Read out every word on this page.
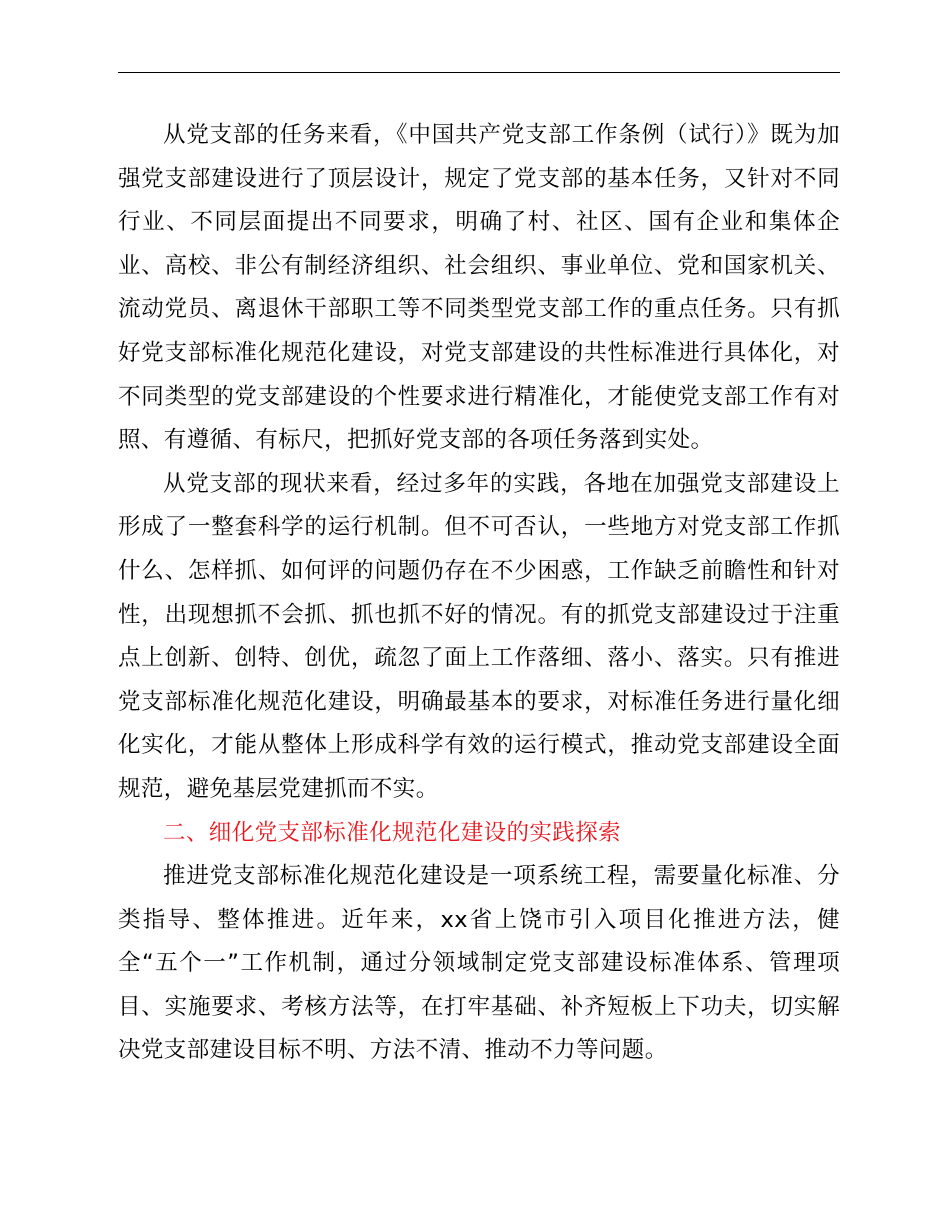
从党支部的任务来看，《中国共产党支部工作条例（试行）》既为加强党支部建设进行了顶层设计，规定了党支部的基本任务，又针对不同行业、不同层面提出不同要求，明确了村、社区、国有企业和集体企业、高校、非公有制经济组织、社会组织、事业单位、党和国家机关、流动党员、离退休干部职工等不同类型党支部工作的重点任务。只有抓好党支部标准化规范化建设，对党支部建设的共性标准进行具体化，对不同类型的党支部建设的个性要求进行精准化，才能使党支部工作有对照、有遵循、有标尺，把抓好党支部的各项任务落到实处。

从党支部的现状来看，经过多年的实践，各地在加强党支部建设上形成了一整套科学的运行机制。但不可否认，一些地方对党支部工作抓什么、怎样抓、如何评的问题仍存在不少困惑，工作缺乏前瞻性和针对性，出现想抓不会抓、抓也抓不好的情况。有的抓党支部建设过于注重点上创新、创特、创优，疏忽了面上工作落细、落小、落实。只有推进党支部标准化规范化建设，明确最基本的要求，对标准任务进行量化细化实化，才能从整体上形成科学有效的运行模式，推动党支部建设全面规范，避免基层党建抓而不实。

二、细化党支部标准化规范化建设的实践探索

推进党支部标准化规范化建设是一项系统工程，需要量化标准、分类指导、整体推进。近年来，xx省上饶市引入项目化推进方法，健全“五个一”工作机制，通过分领域制定党支部建设标准体系、管理项目、实施要求、考核方法等，在打牢基础、补齐短板上下功夫，切实解决党支部建设目标不明、方法不清、推动不力等问题。
